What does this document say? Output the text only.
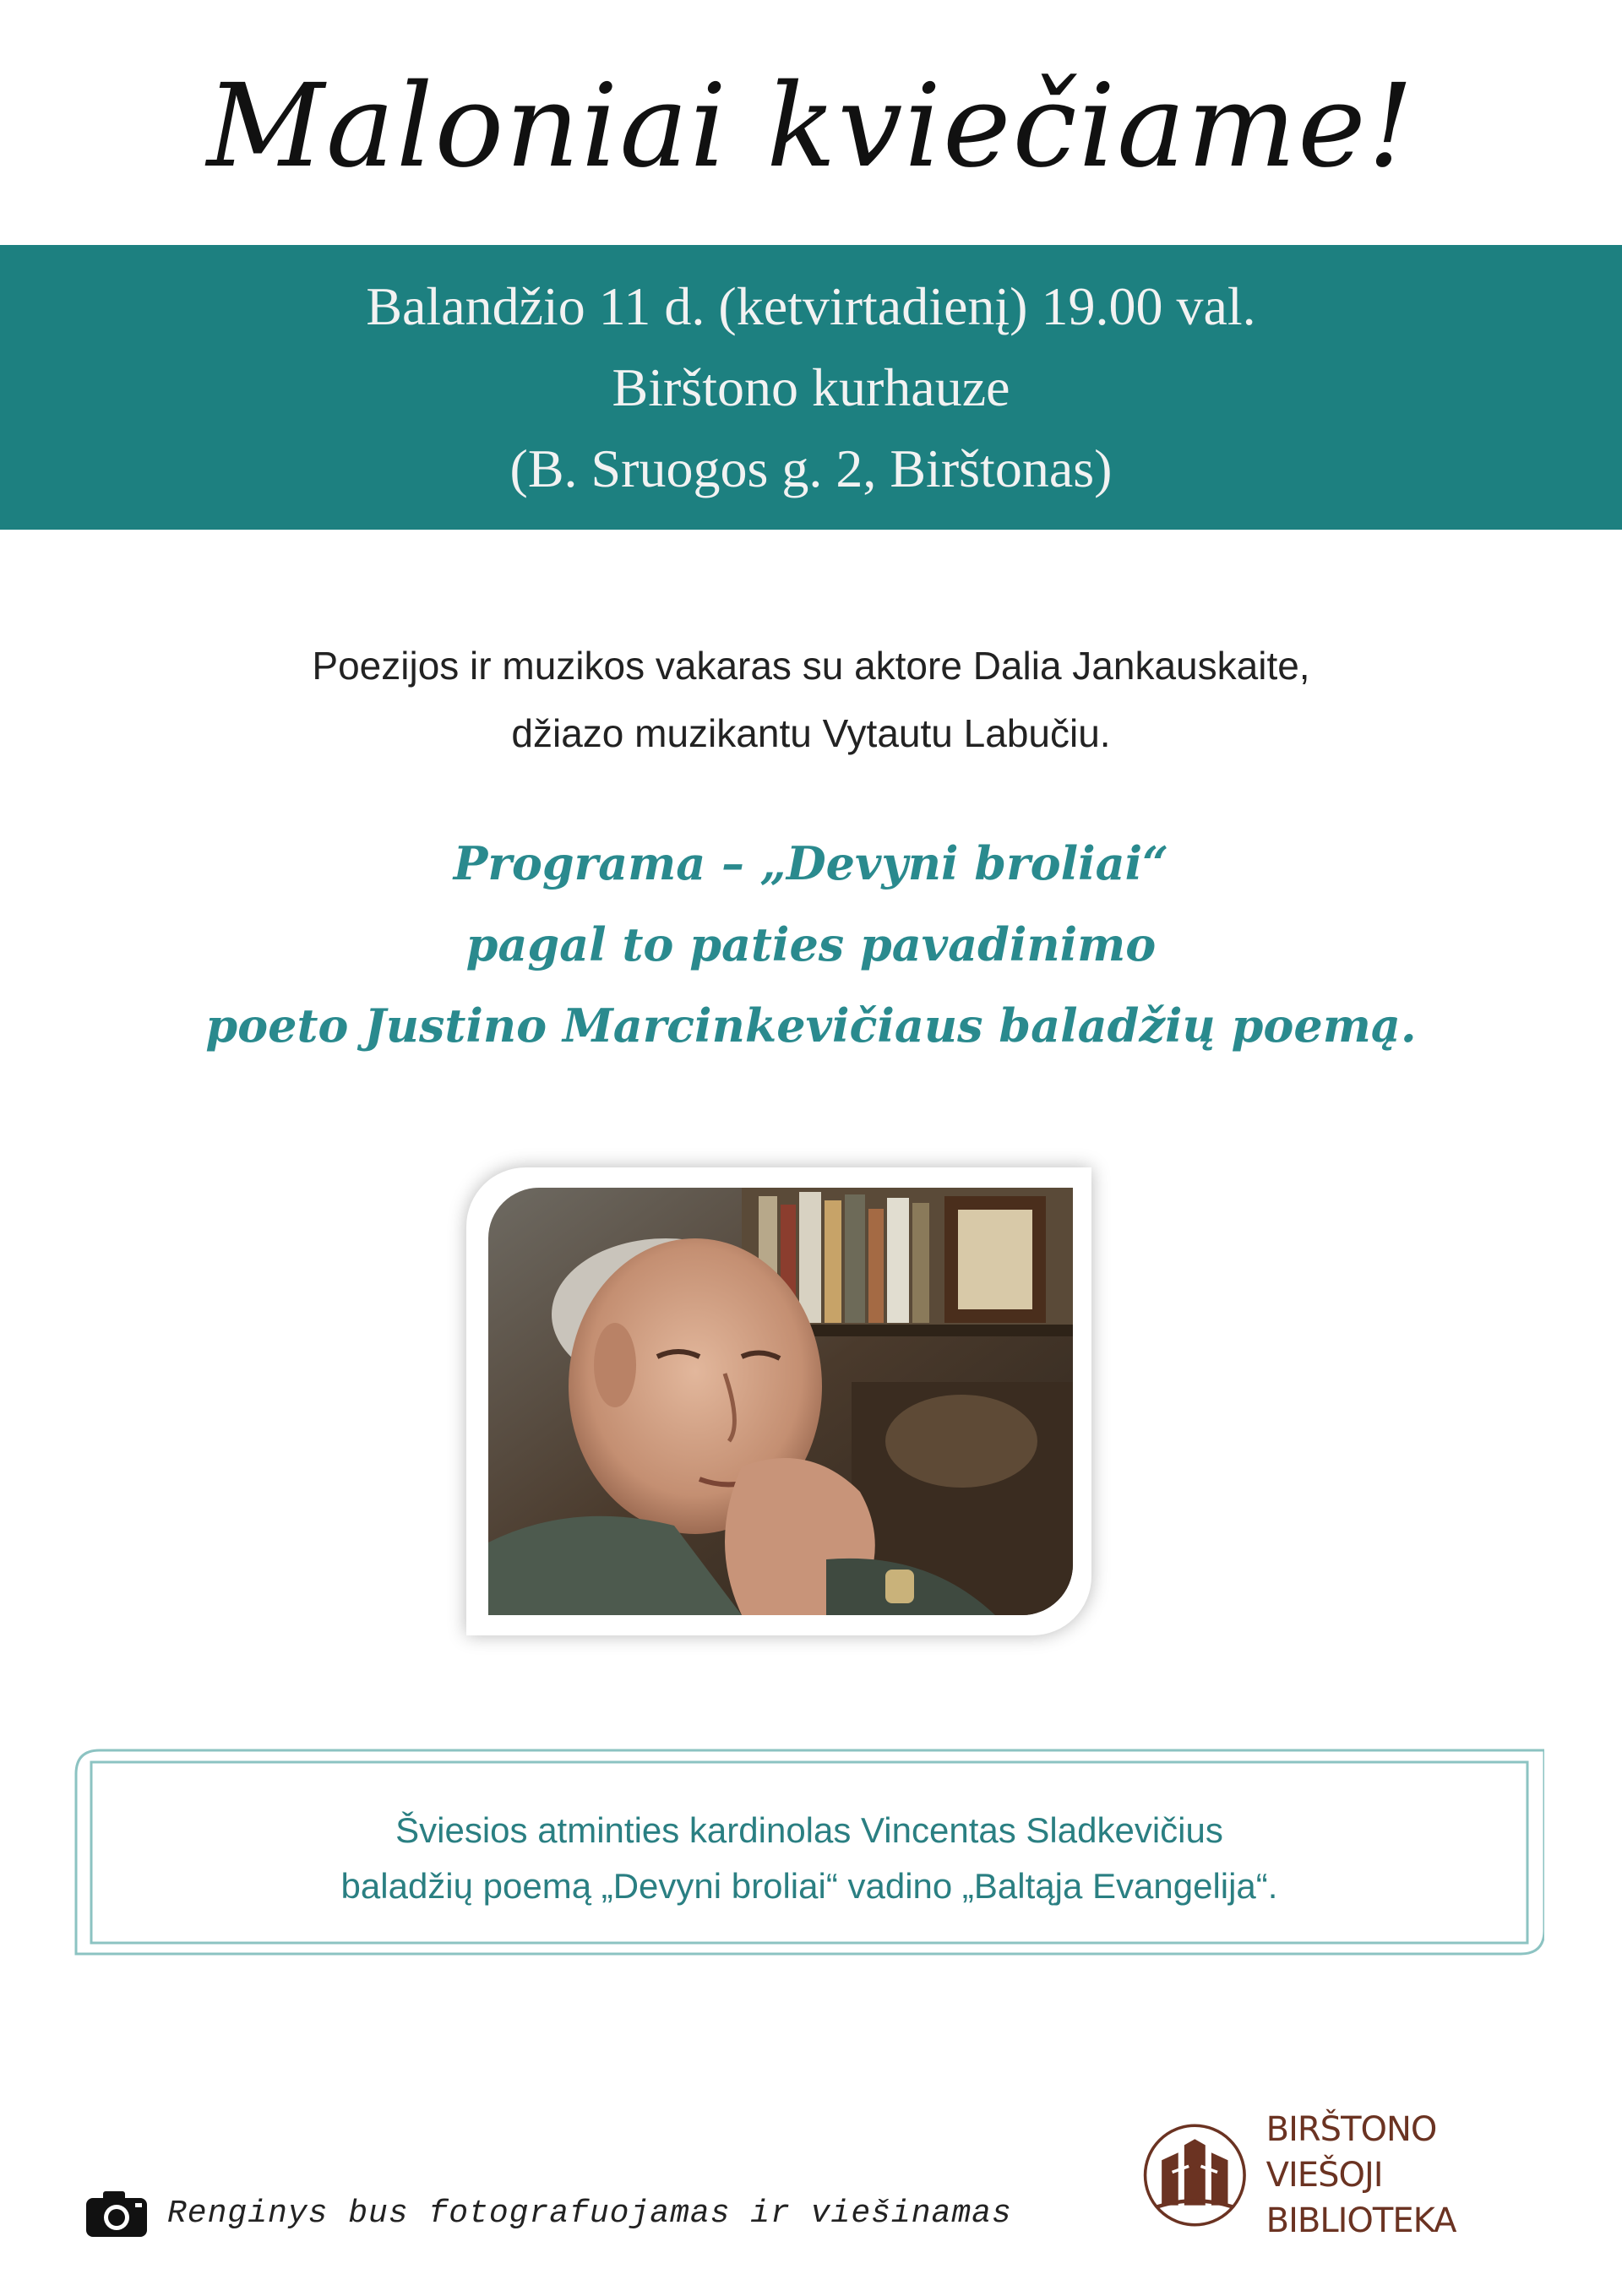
Maloniai kviečiame!
Balandžio 11 d. (ketvirtadienį) 19.00 val.
Birštono kurhauze
(B. Sruogos g. 2, Birštonas)
Poezijos ir muzikos vakaras su aktore Dalia Jankauskaite,
džiazo muzikantu Vytautu Labučiu.
Programa – „Devyni broliai“
pagal to paties pavadinimo
poeto Justino Marcinkevičiaus baladžių poemą.
Šviesios atminties kardinolas Vincentas Sladkevičius
baladžių poemą „Devyni broliai“ vadino „Baltąja Evangelija“.
Renginys bus fotografuojamas ir viešinamas
BIRŠTONO
VIEŠOJI BIBLIOTEKA
